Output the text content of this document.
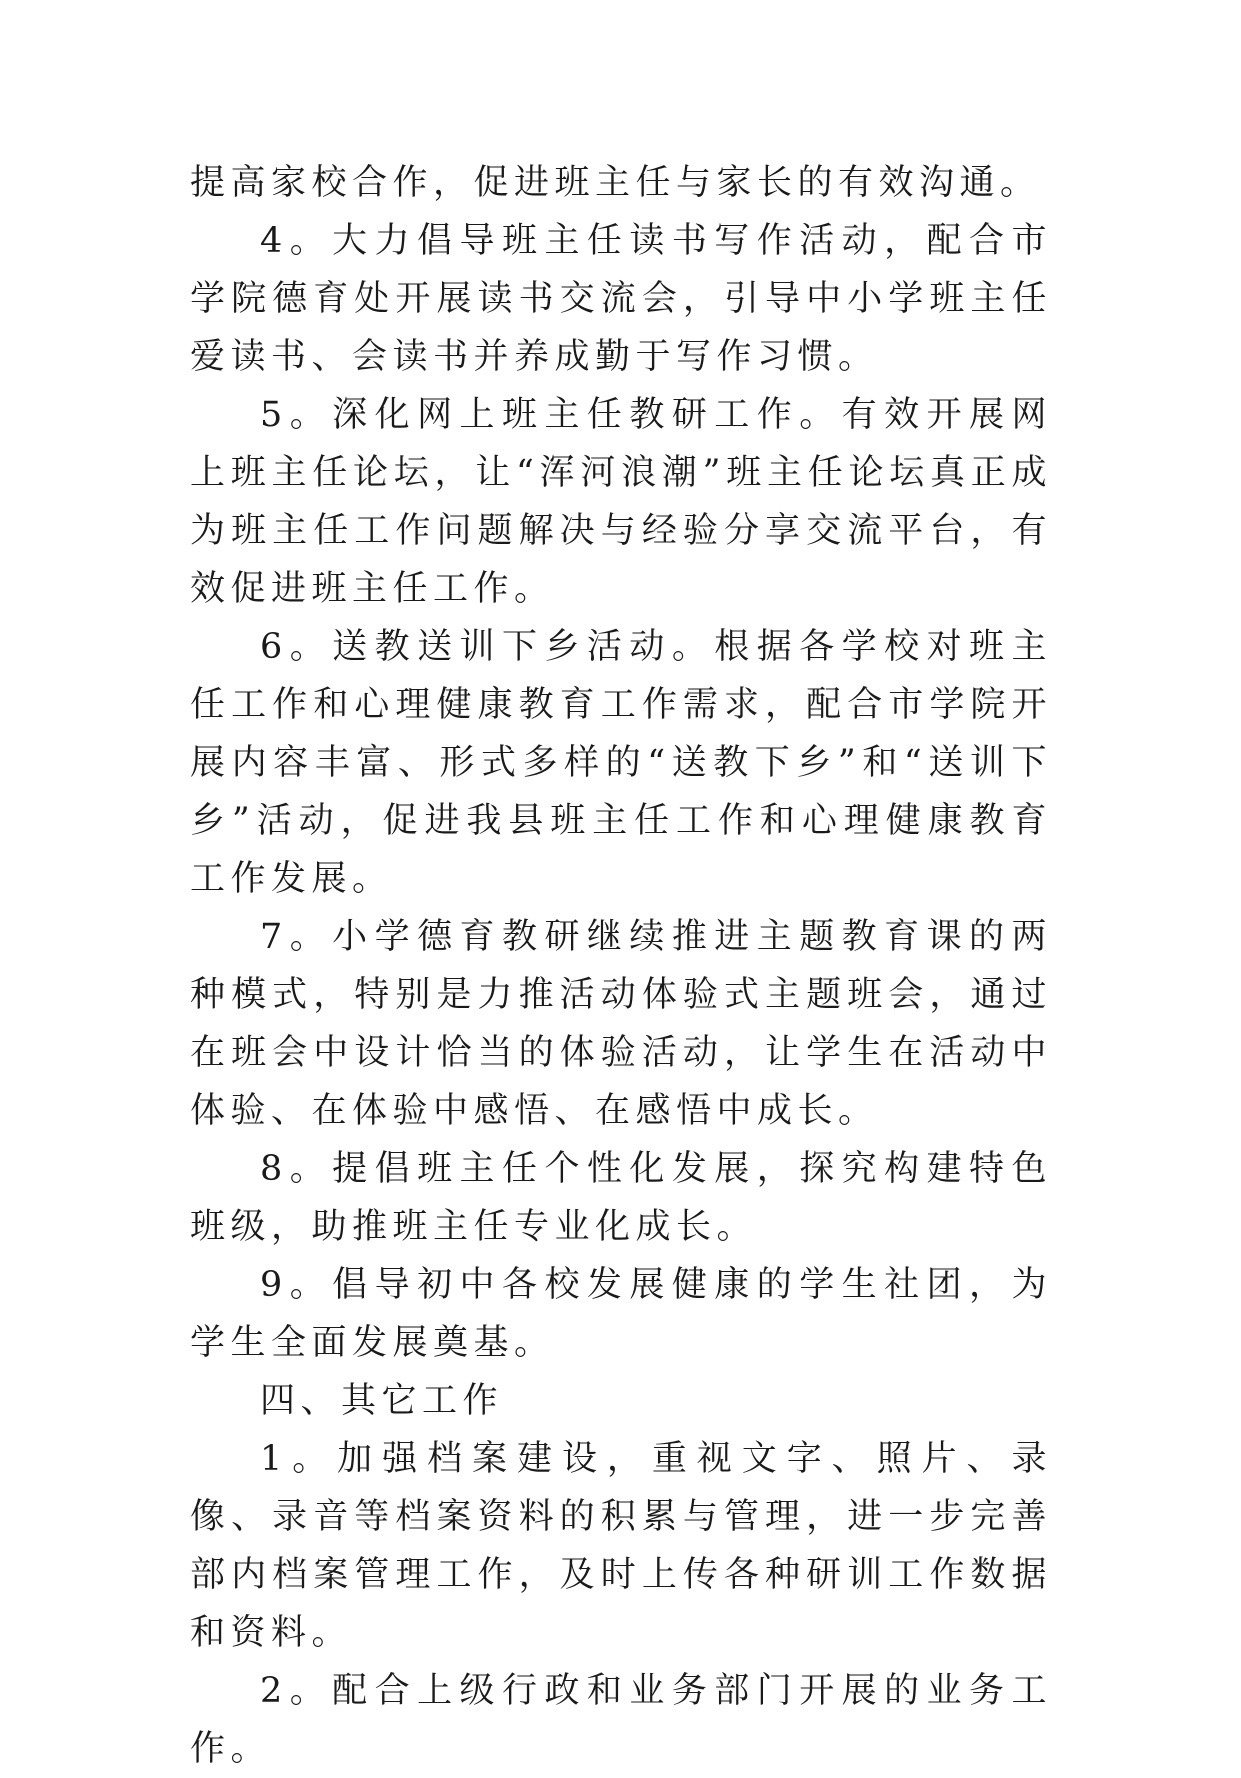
提高家校合作，促进班主任与家长的有效沟通。

4。大力倡导班主任读书写作活动，配合市学院德育处开展读书交流会，引导中小学班主任爱读书、会读书并养成勤于写作习惯。

5。深化网上班主任教研工作。有效开展网上班主任论坛，让“浑河浪潮”班主任论坛真正成为班主任工作问题解决与经验分享交流平台，有效促进班主任工作。

6。送教送训下乡活动。根据各学校对班主任工作和心理健康教育工作需求，配合市学院开展内容丰富、形式多样的“送教下乡”和“送训下乡”活动，促进我县班主任工作和心理健康教育工作发展。

7。小学德育教研继续推进主题教育课的两种模式，特别是力推活动体验式主题班会，通过在班会中设计恰当的体验活动，让学生在活动中体验、在体验中感悟、在感悟中成长。

8。提倡班主任个性化发展，探究构建特色班级，助推班主任专业化成长。

9。倡导初中各校发展健康的学生社团，为学生全面发展奠基。

四、其它工作

1。加强档案建设，重视文字、照片、录像、录音等档案资料的积累与管理，进一步完善部内档案管理工作，及时上传各种研训工作数据和资料。

2。配合上级行政和业务部门开展的业务工作。
